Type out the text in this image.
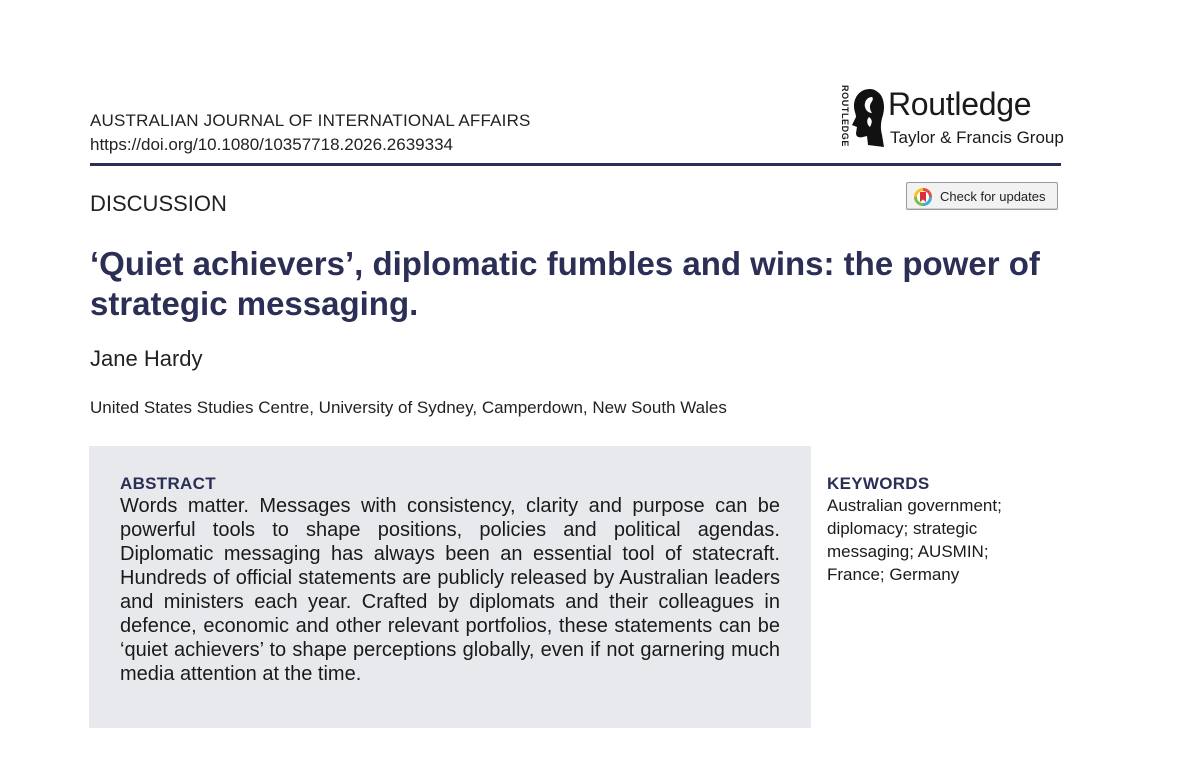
AUSTRALIAN JOURNAL OF INTERNATIONAL AFFAIRS
https://doi.org/10.1080/10357718.2026.2639334	ROUTLEDGE Routledge
Taylor & Francis Group
DISCUSSION	Check for updates
‘Quiet achievers’, diplomatic fumbles and wins: the power of strategic messaging.
Jane Hardy
United States Studies Centre, University of Sydney, Camperdown, New South Wales
ABSTRACT

Words matter. Messages with consistency, clarity and purpose can be powerful tools to shape positions, policies and political agendas. Diplomatic messaging has always been an essential tool of statecraft. Hundreds of official statements are publicly released by Australian leaders and ministers each year. Crafted by diplomats and their colleagues in defence, economic and other relevant portfolios, these statements can be ‘quiet achievers’ to shape perceptions globally, even if not garnering much media attention at the time.

KEYWORDS
Australian government; diplomacy; strategic messaging; AUSMIN; France; Germany
